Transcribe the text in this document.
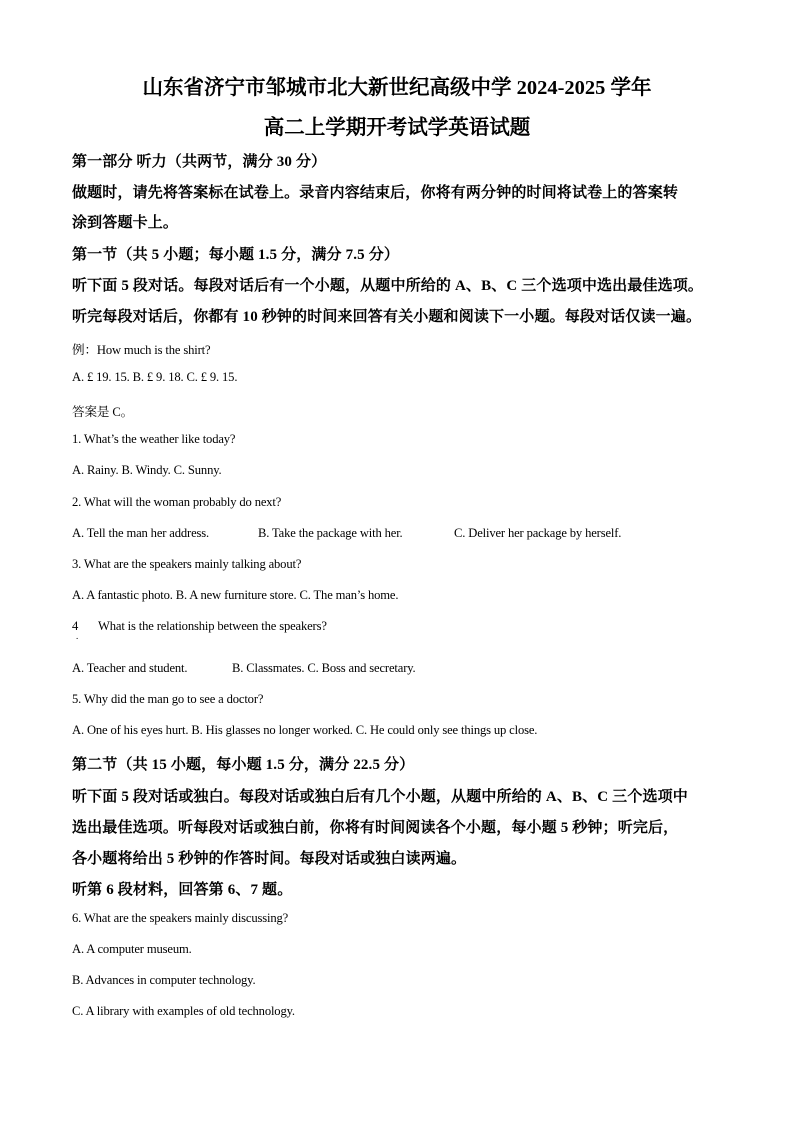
山东省济宁市邹城市北大新世纪高级中学 2024-2025 学年
高二上学期开考试学英语试题
第一部分 听力（共两节，满分 30 分）
做题时，请先将答案标在试卷上。录音内容结束后，你将有两分钟的时间将试卷上的答案转
涂到答题卡上。
第一节（共 5 小题；每小题 1.5 分，满分 7.5 分）
听下面 5 段对话。每段对话后有一个小题，从题中所给的 A、B、C 三个选项中选出最佳选项。
听完每段对话后，你都有 10 秒钟的时间来回答有关小题和阅读下一小题。每段对话仅读一遍。
例：How much is the shirt?
A. £ 19. 15. B. £ 9. 18. C. £ 9. 15.
答案是 C。
1. What’s the weather like today?
A. Rainy. B. Windy. C. Sunny.
2. What will the woman probably do next?
A. Tell the man her address.	B. Take the package with her.	C. Deliver her package by herself.
3. What are the speakers mainly talking about?
A. A fantastic photo. B. A new furniture store. C. The man’s home.
4
.
What is the relationship between the speakers?
A. Teacher and student.	B. Classmates. C. Boss and secretary.
5. Why did the man go to see a doctor?
A. One of his eyes hurt. B. His glasses no longer worked. C. He could only see things up close.
第二节（共 15 小题，每小题 1.5 分，满分 22.5 分）
听下面 5 段对话或独白。每段对话或独白后有几个小题，从题中所给的 A、B、C 三个选项中
选出最佳选项。听每段对话或独白前，你将有时间阅读各个小题，每小题 5 秒钟；听完后，
各小题将给出 5 秒钟的作答时间。每段对话或独白读两遍。
听第 6 段材料，回答第 6、7 题。
6. What are the speakers mainly discussing?
A. A computer museum.
B. Advances in computer technology.
C. A library with examples of old technology.
